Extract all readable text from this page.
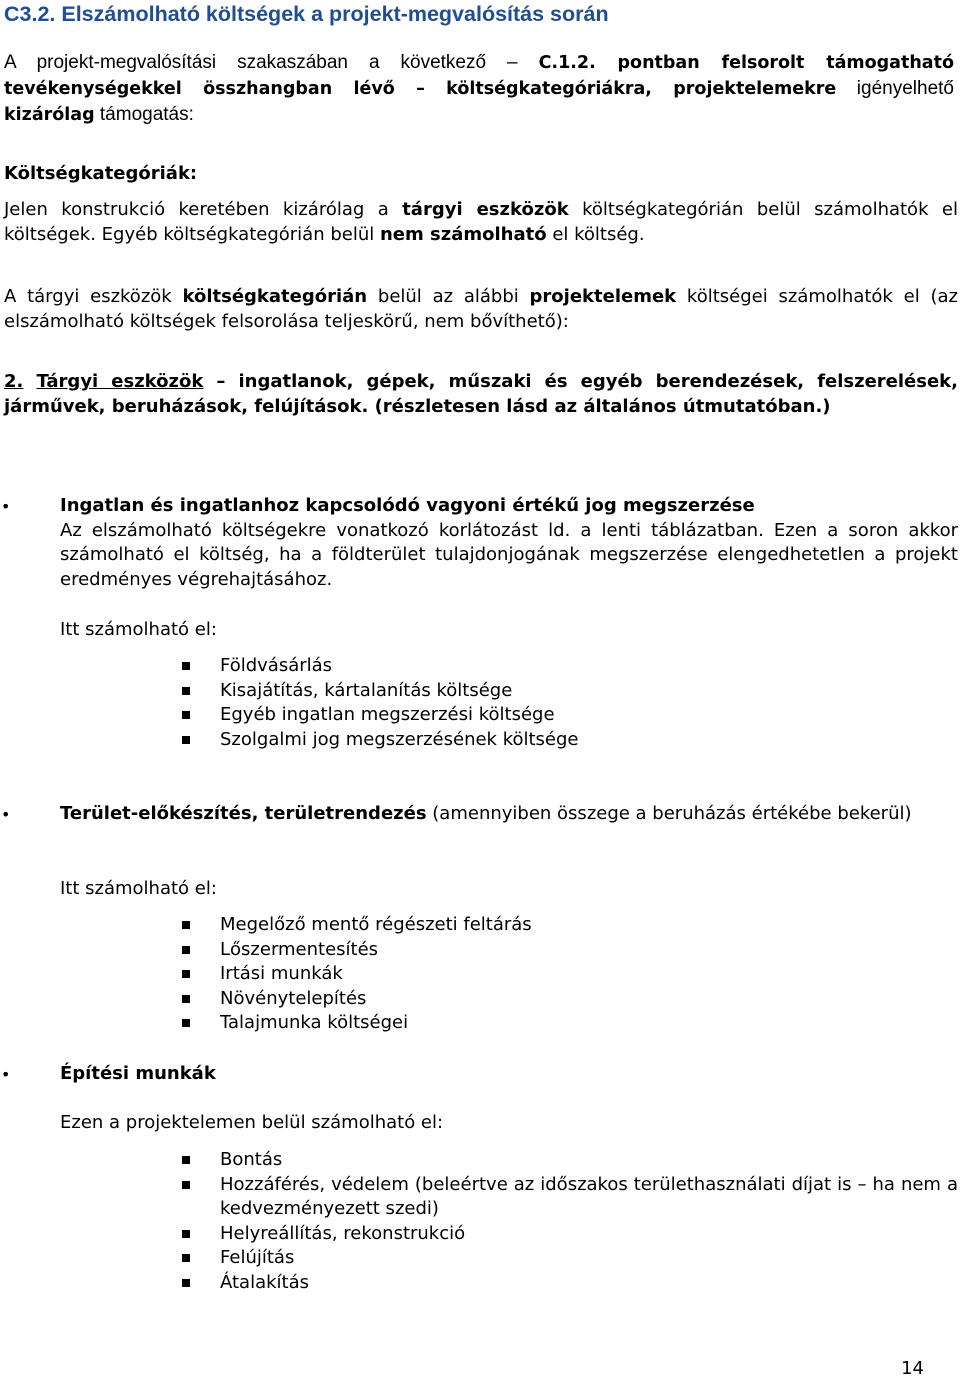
C3.2. Elszámolható költségek a projekt-megvalósítás során
A projekt-megvalósítási szakaszában a következő – C.1.2. pontban felsorolt támogatható tevékenységekkel összhangban lévő – költségkategóriákra, projektelemekre igényelhető kizárólag támogatás:
Költségkategóriák:
Jelen konstrukció keretében kizárólag a tárgyi eszközök költségkategórián belül számolhatók el költségek. Egyéb költségkategórián belül nem számolható el költség.
A tárgyi eszközök költségkategórián belül az alábbi projektelemek költségei számolhatók el (az elszámolható költségek felsorolása teljeskörű, nem bővíthető):
2. Tárgyi eszközök – ingatlanok, gépek, műszaki és egyéb berendezések, felszerelések, járművek, beruházások, felújítások. (részletesen lásd az általános útmutatóban.)
•	Ingatlan és ingatlanhoz kapcsolódó vagyoni értékű jog megszerzése
Az elszámolható költségekre vonatkozó korlátozást ld. a lenti táblázatban. Ezen a soron akkor számolható el költség, ha a földterület tulajdonjogának megszerzése elengedhetetlen a projekt eredményes végrehajtásához.
Itt számolható el:
Földvásárlás
Kisajátítás, kártalanítás költsége
Egyéb ingatlan megszerzési költsége
Szolgalmi jog megszerzésének költsége
•	Terület-előkészítés, területrendezés (amennyiben összege a beruházás értékébe bekerül)
Itt számolható el:
Megelőző mentő régészeti feltárás
Lőszermentesítés
Irtási munkák
Növénytelepítés
Talajmunka költségei
•	Építési munkák
Ezen a projektelemen belül számolható el:
Bontás
Hozzáférés, védelem (beleértve az időszakos területhasználati díjat is – ha nem a kedvezményezett szedi)
Helyreállítás, rekonstrukció
Felújítás
Átalakítás
14
